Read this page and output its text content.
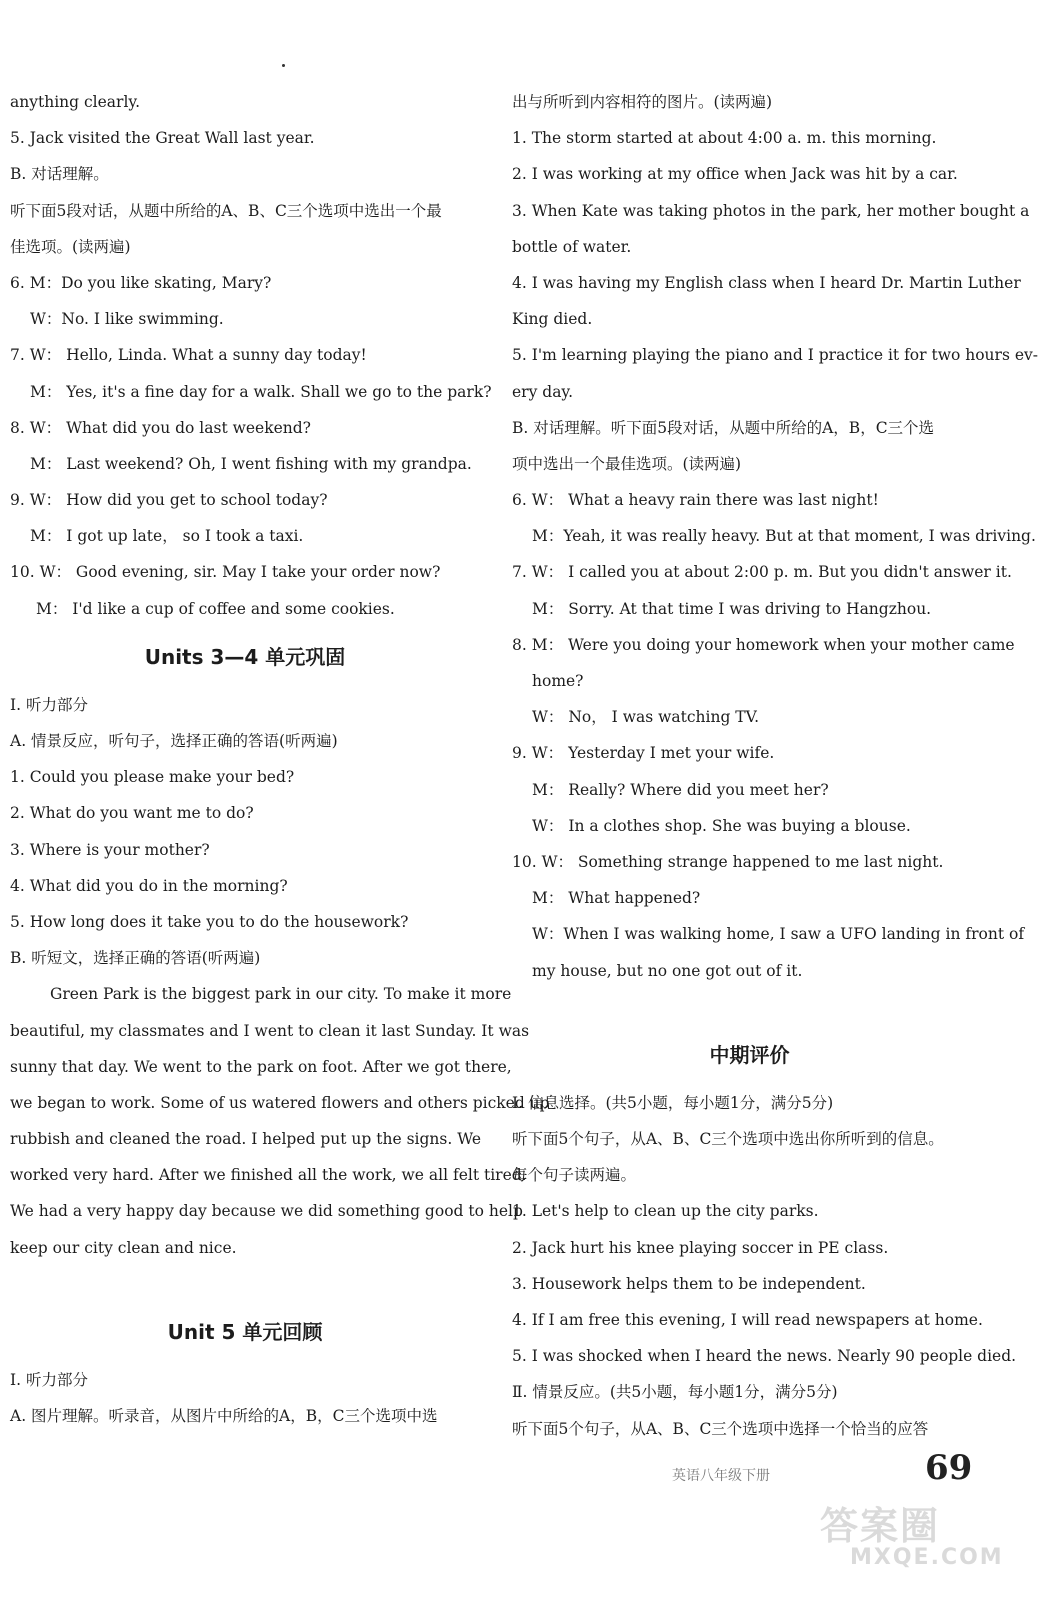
anything clearly.
5. Jack visited the Great Wall last year.
B. 对话理解。
听下面5段对话，从题中所给的A、B、C三个选项中选出一个最
佳选项。(读两遍)
6. M：Do you like skating, Mary?
W：No. I like swimming.
7. W： Hello, Linda. What a sunny day today!
M： Yes, it's a fine day for a walk. Shall we go to the park?
8. W： What did you do last weekend?
M： Last weekend? Oh, I went fishing with my grandpa.
9. W： How did you get to school today?
M： I got up late， so I took a taxi.
10. W： Good evening, sir. May I take your order now?
M： I'd like a cup of coffee and some cookies.
Units 3—4 单元巩固
Ⅰ. 听力部分
A. 情景反应，听句子，选择正确的答语(听两遍)
1. Could you please make your bed?
2. What do you want me to do?
3. Where is your mother?
4. What did you do in the morning?
5. How long does it take you to do the housework?
B. 听短文，选择正确的答语(听两遍)
Green Park is the biggest park in our city. To make it more
beautiful, my classmates and I went to clean it last Sunday. It was
sunny that day. We went to the park on foot. After we got there,
we began to work. Some of us watered flowers and others picked up
rubbish and cleaned the road. I helped put up the signs. We
worked very hard. After we finished all the work, we all felt tired.
We had a very happy day because we did something good to help
keep our city clean and nice.
Unit 5 单元回顾
Ⅰ. 听力部分
A. 图片理解。听录音，从图片中所给的A，B，C三个选项中选
出与所听到内容相符的图片。(读两遍)
1. The storm started at about 4:00 a. m. this morning.
2. I was working at my office when Jack was hit by a car.
3. When Kate was taking photos in the park, her mother bought a
bottle of water.
4. I was having my English class when I heard Dr. Martin Luther
King died.
5. I'm learning playing the piano and I practice it for two hours ev-
ery day.
B. 对话理解。听下面5段对话，从题中所给的A，B，C三个选
项中选出一个最佳选项。(读两遍)
6. W： What a heavy rain there was last night!
M：Yeah, it was really heavy. But at that moment, I was driving.
7. W： I called you at about 2:00 p. m. But you didn't answer it.
M： Sorry. At that time I was driving to Hangzhou.
8. M： Were you doing your homework when your mother came
home?
W： No， I was watching TV.
9. W： Yesterday I met your wife.
M： Really? Where did you meet her?
W： In a clothes shop. She was buying a blouse.
10. W： Something strange happened to me last night.
M： What happened?
W：When I was walking home, I saw a UFO landing in front of
my house, but no one got out of it.
中期评价
Ⅰ. 信息选择。(共5小题，每小题1分，满分5分)
听下面5个句子，从A、B、C三个选项中选出你所听到的信息。
每个句子读两遍。
1. Let's help to clean up the city parks.
2. Jack hurt his knee playing soccer in PE class.
3. Housework helps them to be independent.
4. If I am free this evening, I will read newspapers at home.
5. I was shocked when I heard the news. Nearly 90 people died.
Ⅱ. 情景反应。(共5小题，每小题1分，满分5分)
听下面5个句子，从A、B、C三个选项中选择一个恰当的应答
英语八年级下册	69
答案圈
MXQE.COM
